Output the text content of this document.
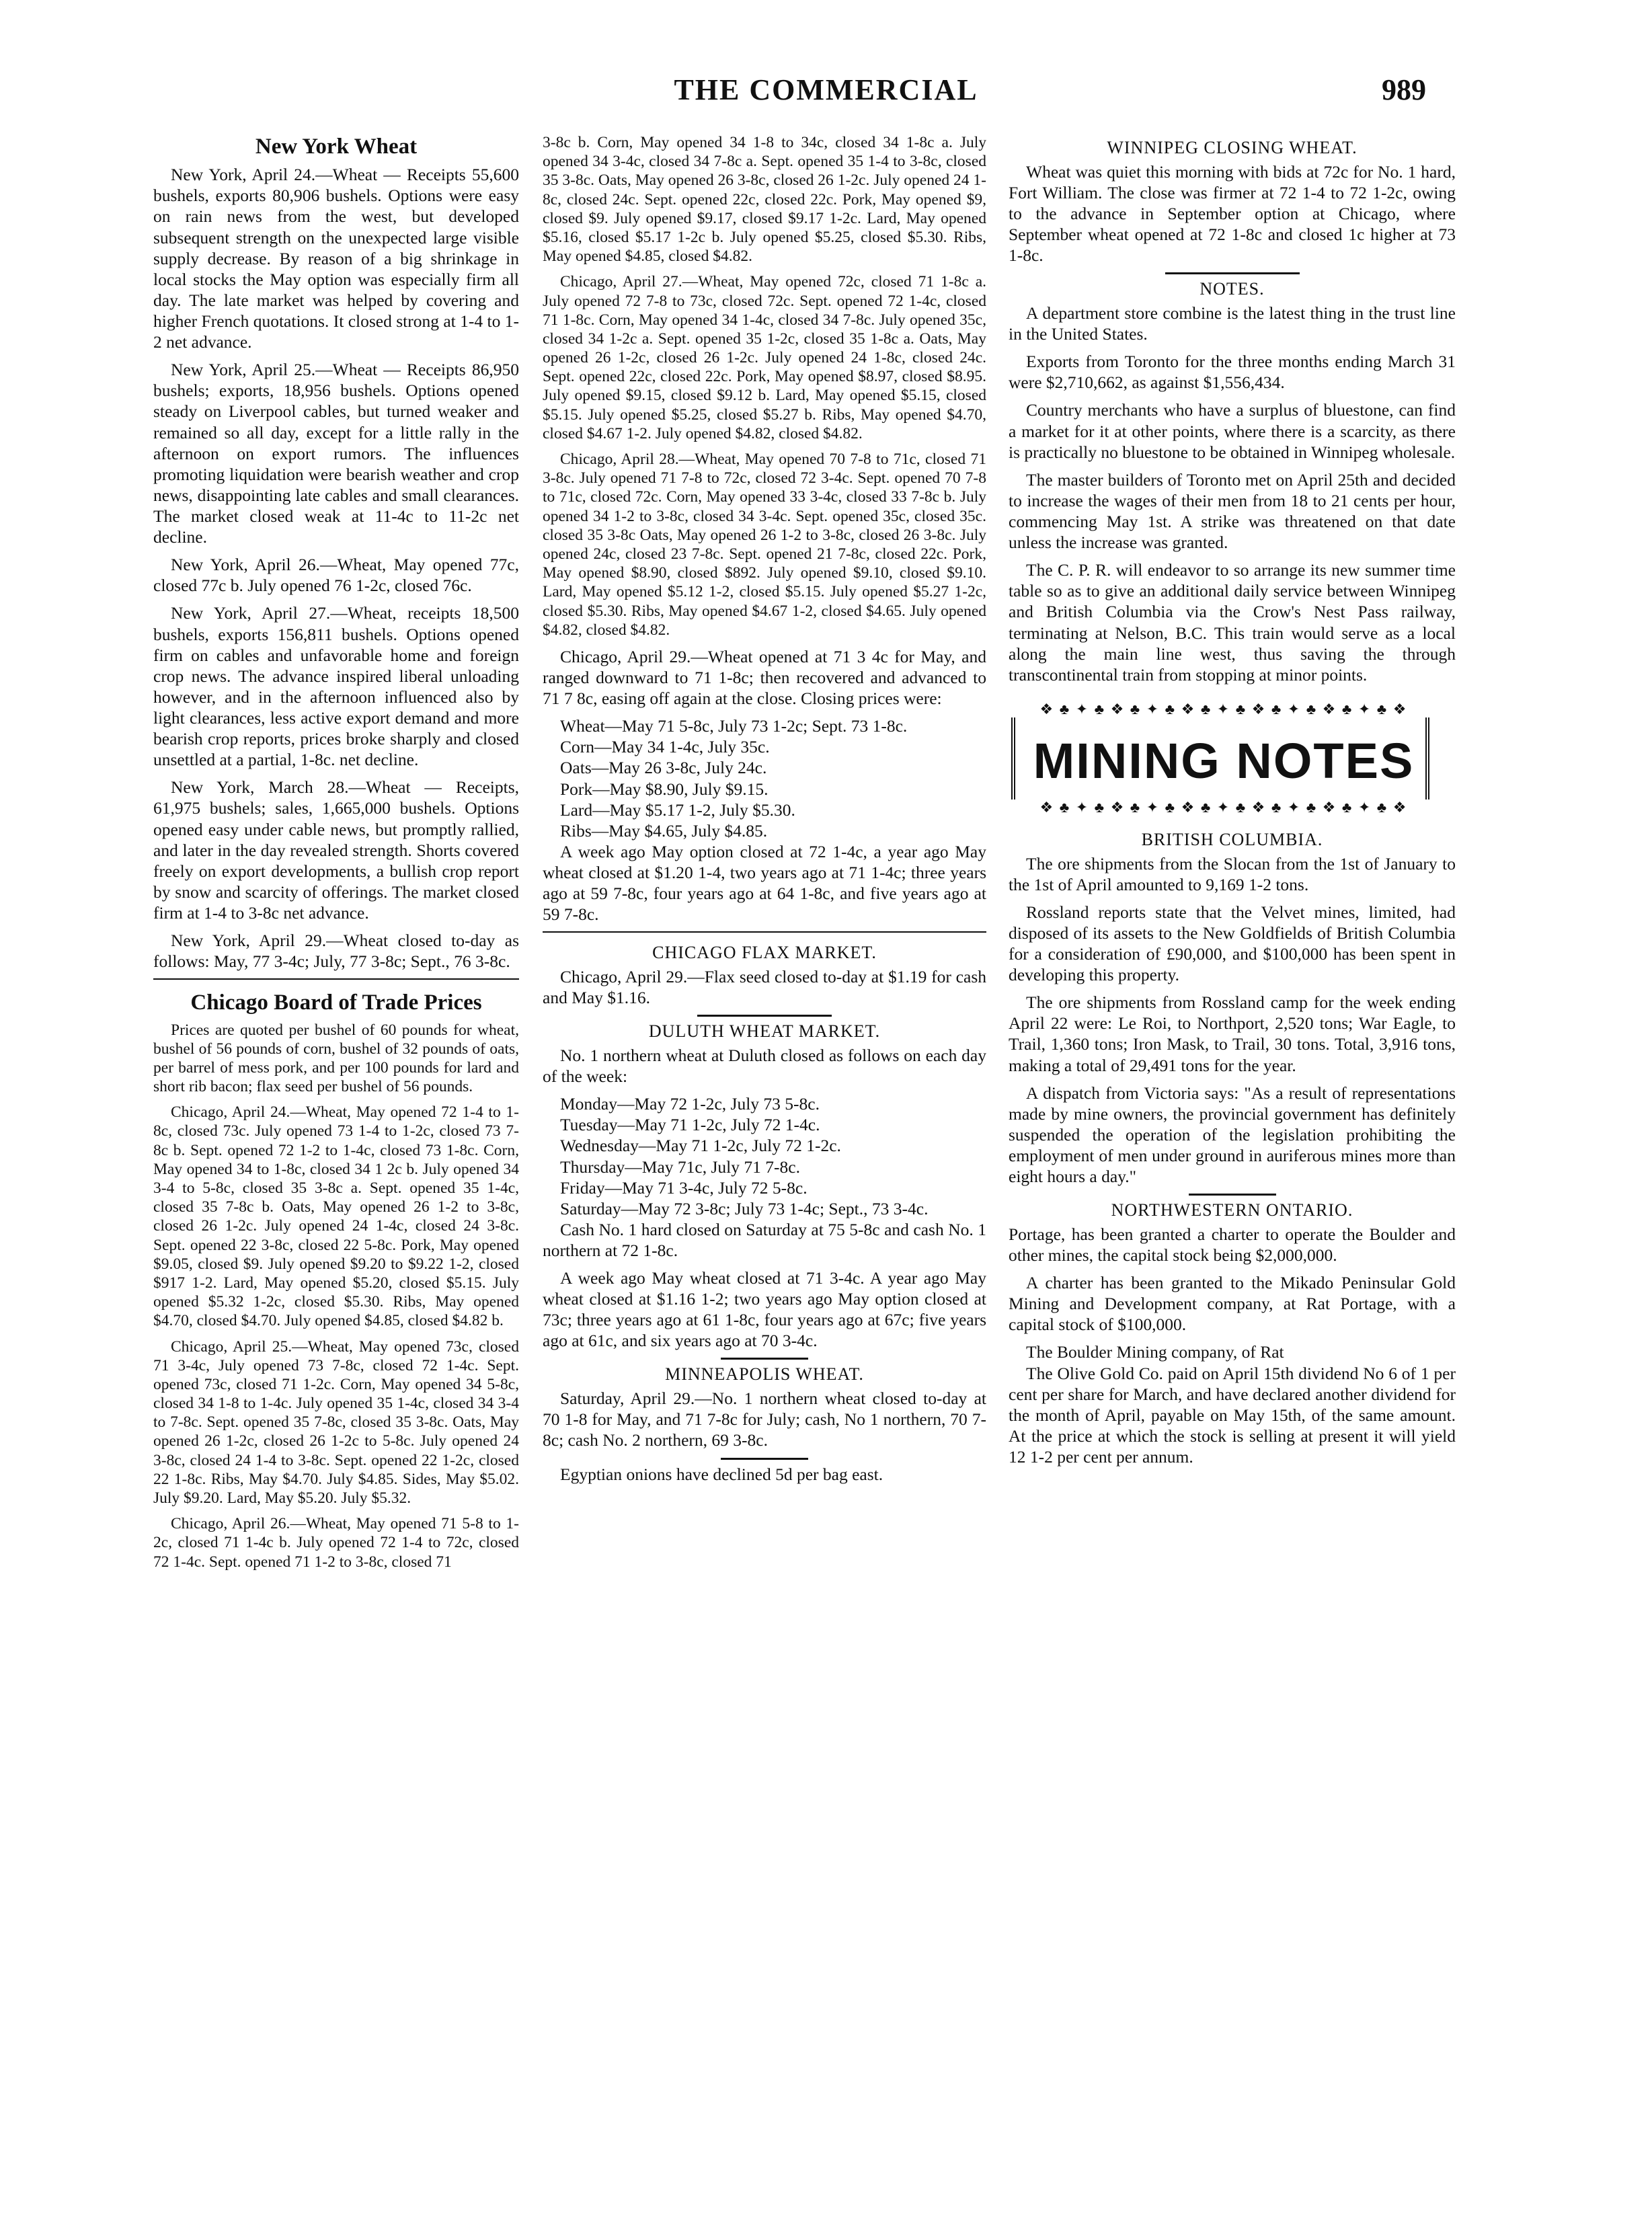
THE COMMERCIAL	989
New York Wheat

New York, April 24.—Wheat — Receipts 55,600 bushels, exports 80,906 bushels. Options were easy on rain news from the west, but developed subsequent strength on the unexpected large visible supply decrease. By reason of a big shrinkage in local stocks the May option was especially firm all day. The late market was helped by covering and higher French quotations. It closed strong at 1-4 to 1-2 net advance.

New York, April 25.—Wheat — Receipts 86,950 bushels; exports, 18,956 bushels. Options opened steady on Liverpool cables, but turned weaker and remained so all day, except for a little rally in the afternoon on export rumors. The influences promoting liquidation were bearish weather and crop news, disappointing late cables and small clearances. The market closed weak at 11-4c to 11-2c net decline.

New York, April 26.—Wheat, May opened 77c, closed 77c b. July opened 76 1-2c, closed 76c.

New York, April 27.—Wheat, receipts 18,500 bushels, exports 156,811 bushels. Options opened firm on cables and unfavorable home and foreign crop news. The advance inspired liberal unloading however, and in the afternoon influenced also by light clearances, less active export demand and more bearish crop reports, prices broke sharply and closed unsettled at a partial, 1-8c. net decline.

New York, March 28.—Wheat — Receipts, 61,975 bushels; sales, 1,665,000 bushels. Options opened easy under cable news, but promptly rallied, and later in the day revealed strength. Shorts covered freely on export developments, a bullish crop report by snow and scarcity of offerings. The market closed firm at 1-4 to 3-8c net advance.

New York, April 29.—Wheat closed to-day as follows: May, 77 3-4c; July, 77 3-8c; Sept., 76 3-8c.

Chicago Board of Trade Prices

Prices are quoted per bushel of 60 pounds for wheat, bushel of 56 pounds of corn, bushel of 32 pounds of oats, per barrel of mess pork, and per 100 pounds for lard and short rib bacon; flax seed per bushel of 56 pounds.

Chicago, April 24.—Wheat, May opened 72 1-4 to 1-8c, closed 73c. July opened 73 1-4 to 1-2c, closed 73 7-8c b. Sept. opened 72 1-2 to 1-4c, closed 73 1-8c. Corn, May opened 34 to 1-8c, closed 34 1 2c b. July opened 34 3-4 to 5-8c, closed 35 3-8c a. Sept. opened 35 1-4c, closed 35 7-8c b. Oats, May opened 26 1-2 to 3-8c, closed 26 1-2c. July opened 24 1-4c, closed 24 3-8c. Sept. opened 22 3-8c, closed 22 5-8c. Pork, May opened $9.05, closed $9. July opened $9.20 to $9.22 1-2, closed $917 1-2. Lard, May opened $5.20, closed $5.15. July opened $5.32 1-2c, closed $5.30. Ribs, May opened $4.70, closed $4.70. July opened $4.85, closed $4.82 b.

Chicago, April 25.—Wheat, May opened 73c, closed 71 3-4c, July opened 73 7-8c, closed 72 1-4c. Sept. opened 73c, closed 71 1-2c. Corn, May opened 34 5-8c, closed 34 1-8 to 1-4c. July opened 35 1-4c, closed 34 3-4 to 7-8c. Sept. opened 35 7-8c, closed 35 3-8c. Oats, May opened 26 1-2c, closed 26 1-2c to 5-8c. July opened 24 3-8c, closed 24 1-4 to 3-8c. Sept. opened 22 1-2c, closed 22 1-8c. Ribs, May $4.70. July $4.85. Sides, May $5.02. July $9.20. Lard, May $5.20. July $5.32.

Chicago, April 26.—Wheat, May opened 71 5-8 to 1-2c, closed 71 1-4c b. July opened 72 1-4 to 72c, closed 72 1-4c. Sept. opened 71 1-2 to 3-8c, closed 71

3-8c b. Corn, May opened 34 1-8 to 34c, closed 34 1-8c a. July opened 34 3-4c, closed 34 7-8c a. Sept. opened 35 1-4 to 3-8c, closed 35 3-8c. Oats, May opened 26 3-8c, closed 26 1-2c. July opened 24 1-8c, closed 24c. Sept. opened 22c, closed 22c. Pork, May opened $9, closed $9. July opened $9.17, closed $9.17 1-2c. Lard, May opened $5.16, closed $5.17 1-2c b. July opened $5.25, closed $5.30. Ribs, May opened $4.85, closed $4.82.

Chicago, April 27.—Wheat, May opened 72c, closed 71 1-8c a. July opened 72 7-8 to 73c, closed 72c. Sept. opened 72 1-4c, closed 71 1-8c. Corn, May opened 34 1-4c, closed 34 7-8c. July opened 35c, closed 34 1-2c a. Sept. opened 35 1-2c, closed 35 1-8c a. Oats, May opened 26 1-2c, closed 26 1-2c. July opened 24 1-8c, closed 24c. Sept. opened 22c, closed 22c. Pork, May opened $8.97, closed $8.95. July opened $9.15, closed $9.12 b. Lard, May opened $5.15, closed $5.15. July opened $5.25, closed $5.27 b. Ribs, May opened $4.70, closed $4.67 1-2. July opened $4.82, closed $4.82.

Chicago, April 28.—Wheat, May opened 70 7-8 to 71c, closed 71 3-8c. July opened 71 7-8 to 72c, closed 72 3-4c. Sept. opened 70 7-8 to 71c, closed 72c. Corn, May opened 33 3-4c, closed 33 7-8c b. July opened 34 1-2 to 3-8c, closed 34 3-4c. Sept. opened 35c, closed 35c. closed 35 3-8c Oats, May opened 26 1-2 to 3-8c, closed 26 3-8c. July opened 24c, closed 23 7-8c. Sept. opened 21 7-8c, closed 22c. Pork, May opened $8.90, closed $892. July opened $9.10, closed $9.10. Lard, May opened $5.12 1-2, closed $5.15. July opened $5.27 1-2c, closed $5.30. Ribs, May opened $4.67 1-2, closed $4.65. July opened $4.82, closed $4.82.

Chicago, April 29.—Wheat opened at 71 3 4c for May, and ranged downward to 71 1-8c; then recovered and advanced to 71 7 8c, easing off again at the close. Closing prices were:

Wheat—May 71 5-8c, July 73 1-2c; Sept. 73 1-8c.

Corn—May 34 1-4c, July 35c.

Oats—May 26 3-8c, July 24c.

Pork—May $8.90, July $9.15.

Lard—May $5.17 1-2, July $5.30.

Ribs—May $4.65, July $4.85.

A week ago May option closed at 72 1-4c, a year ago May wheat closed at $1.20 1-4, two years ago at 71 1-4c; three years ago at 59 7-8c, four years ago at 64 1-8c, and five years ago at 59 7-8c.

CHICAGO FLAX MARKET.

Chicago, April 29.—Flax seed closed to-day at $1.19 for cash and May $1.16.

DULUTH WHEAT MARKET.

No. 1 northern wheat at Duluth closed as follows on each day of the week:

Monday—May 72 1-2c, July 73 5-8c.

Tuesday—May 71 1-2c, July 72 1-4c.

Wednesday—May 71 1-2c, July 72 1-2c.

Thursday—May 71c, July 71 7-8c.

Friday—May 71 3-4c, July 72 5-8c.

Saturday—May 72 3-8c; July 73 1-4c; Sept., 73 3-4c.

Cash No. 1 hard closed on Saturday at 75 5-8c and cash No. 1 northern at 72 1-8c.

A week ago May wheat closed at 71 3-4c. A year ago May wheat closed at $1.16 1-2; two years ago May option closed at 73c; three years ago at 61 1-8c, four years ago at 67c; five years ago at 61c, and six years ago at 70 3-4c.

MINNEAPOLIS WHEAT.

Saturday, April 29.—No. 1 northern wheat closed to-day at 70 1-8 for May, and 71 7-8c for July; cash, No 1 northern, 70 7-8c; cash No. 2 northern, 69 3-8c.

Egyptian onions have declined 5d per bag east.

WINNIPEG CLOSING WHEAT.

Wheat was quiet this morning with bids at 72c for No. 1 hard, Fort William. The close was firmer at 72 1-4 to 72 1-2c, owing to the advance in September option at Chicago, where September wheat opened at 72 1-8c and closed 1c higher at 73 1-8c.

NOTES.

A department store combine is the latest thing in the trust line in the United States.

Exports from Toronto for the three months ending March 31 were $2,710,662, as against $1,556,434.

Country merchants who have a surplus of bluestone, can find a market for it at other points, where there is a scarcity, as there is practically no bluestone to be obtained in Winnipeg wholesale.

The master builders of Toronto met on April 25th and decided to increase the wages of their men from 18 to 21 cents per hour, commencing May 1st. A strike was threatened on that date unless the increase was granted.

The C. P. R. will endeavor to so arrange its new summer time table so as to give an additional daily service between Winnipeg and British Columbia via the Crow's Nest Pass railway, terminating at Nelson, B.C. This train would serve as a local along the main line west, thus saving the through transcontinental train from stopping at minor points.

❖ ♣ ✦ ♣ ❖ ♣ ✦ ♣ ❖ ♣ ✦ ♣ ❖ ♣ ✦ ♣ ❖ ♣ ✦ ♣ ❖
MINING NOTES
❖ ♣ ✦ ♣ ❖ ♣ ✦ ♣ ❖ ♣ ✦ ♣ ❖ ♣ ✦ ♣ ❖ ♣ ✦ ♣ ❖
BRITISH COLUMBIA.

The ore shipments from the Slocan from the 1st of January to the 1st of April amounted to 9,169 1-2 tons.

Rossland reports state that the Velvet mines, limited, had disposed of its assets to the New Goldfields of British Columbia for a consideration of £90,000, and $100,000 has been spent in developing this property.

The ore shipments from Rossland camp for the week ending April 22 were: Le Roi, to Northport, 2,520 tons; War Eagle, to Trail, 1,360 tons; Iron Mask, to Trail, 30 tons. Total, 3,916 tons, making a total of 29,491 tons for the year.

A dispatch from Victoria says: "As a result of representations made by mine owners, the provincial government has definitely suspended the operation of the legislation prohibiting the employment of men under ground in auriferous mines more than eight hours a day."

NORTHWESTERN ONTARIO.

Portage, has been granted a charter to operate the Boulder and other mines, the capital stock being $2,000,000.

A charter has been granted to the Mikado Peninsular Gold Mining and Development company, at Rat Portage, with a capital stock of $100,000.

The Boulder Mining company, of Rat

The Olive Gold Co. paid on April 15th dividend No 6 of 1 per cent per share for March, and have declared another dividend for the month of April, payable on May 15th, of the same amount. At the price at which the stock is selling at present it will yield 12 1-2 per cent per annum.
